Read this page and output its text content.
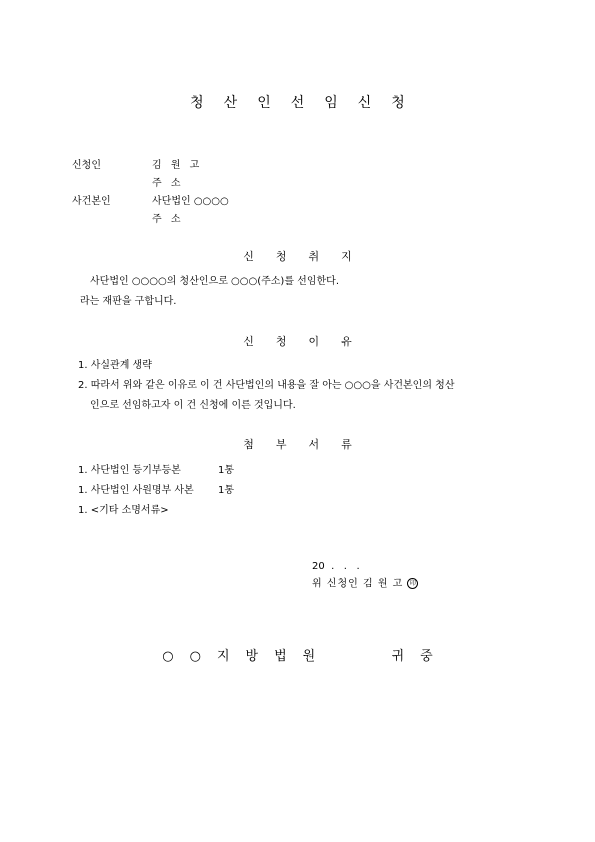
청산인선임신청
신청인	김 원 고
주 소
사건본인	사단법인 ○○○○
주 소
신청취지
사단법인 ○○○○의 청산인으로 ○○○(주소)를 선임한다.
라는 재판을 구합니다.
신청이유
1. 사실관계 생략
2. 따라서 위와 같은 이유로 이 건 사단법인의 내용을 잘 아는 ○○○을 사건본인의 청산
인으로 선임하고자 이 건 신청에 이른 것입니다.
첨부서류
1. 사단법인 등기부등본	1통
1. 사단법인 사원명부 사본 1통
1. <기타 소명서류>
20  .   .   .
위 신청인 김 원 고 印
○○지방법원   귀중
